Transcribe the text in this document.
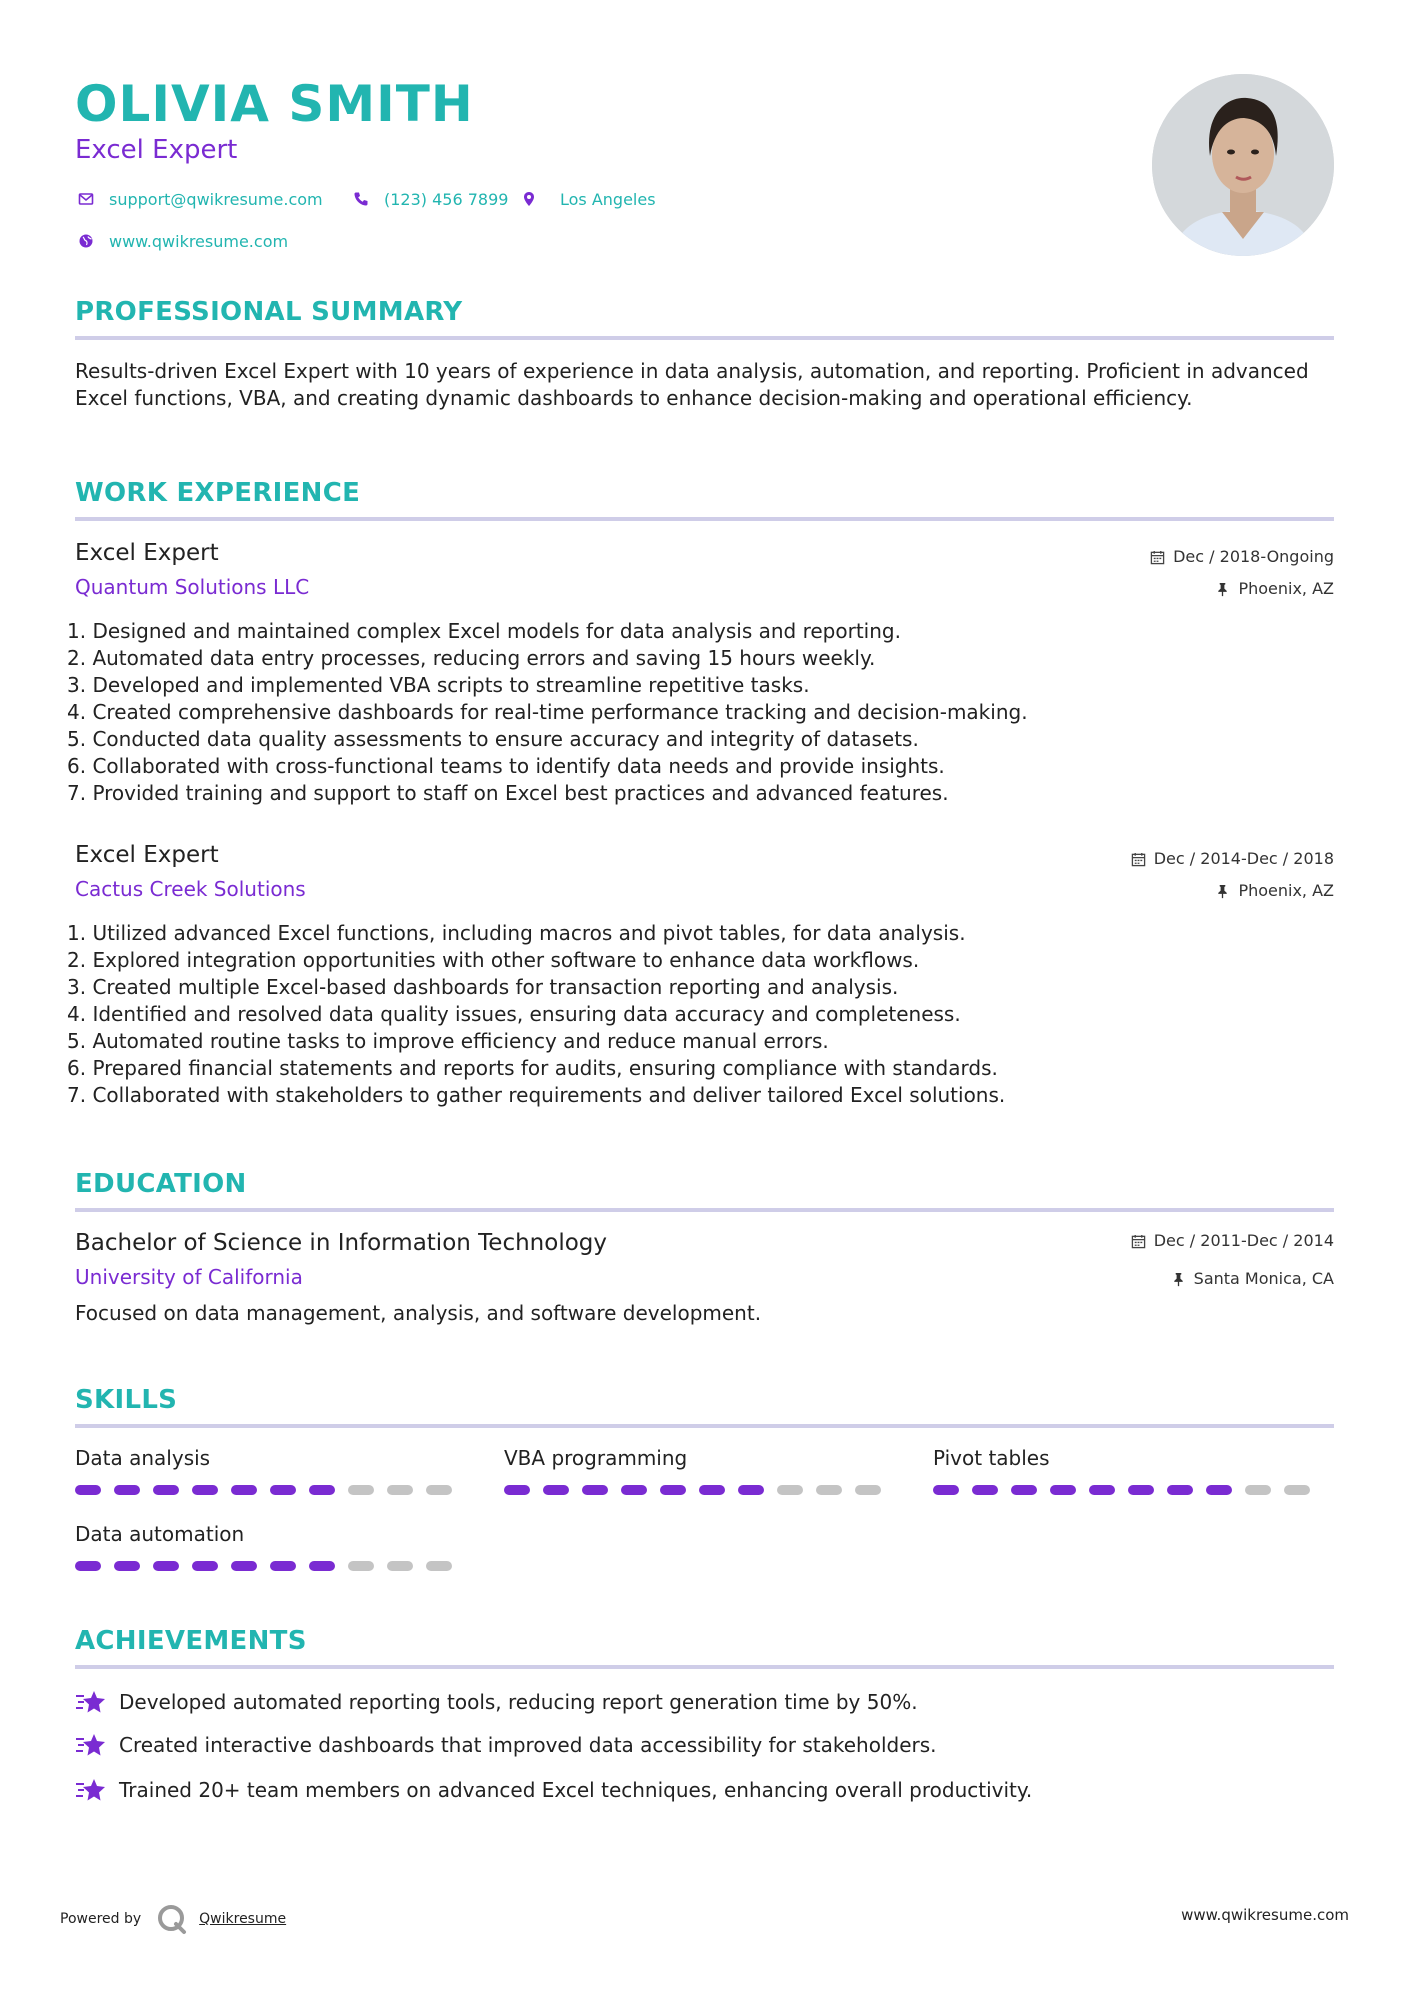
OLIVIA SMITH
Excel Expert
support@qwikresume.com	(123) 456 7899	Los Angeles
www.qwikresume.com
PROFESSIONAL SUMMARY
Results-driven Excel Expert with 10 years of experience in data analysis, automation, and reporting. Proficient in advanced Excel functions, VBA, and creating dynamic dashboards to enhance decision-making and operational efficiency.
WORK EXPERIENCE
Excel Expert
Quantum Solutions LLC
Dec / 2018-Ongoing
Phoenix, AZ
1. Designed and maintained complex Excel models for data analysis and reporting.
2. Automated data entry processes, reducing errors and saving 15 hours weekly.
3. Developed and implemented VBA scripts to streamline repetitive tasks.
4. Created comprehensive dashboards for real-time performance tracking and decision-making.
5. Conducted data quality assessments to ensure accuracy and integrity of datasets.
6. Collaborated with cross-functional teams to identify data needs and provide insights.
7. Provided training and support to staff on Excel best practices and advanced features.
Excel Expert
Cactus Creek Solutions
Dec / 2014-Dec / 2018
Phoenix, AZ
1. Utilized advanced Excel functions, including macros and pivot tables, for data analysis.
2. Explored integration opportunities with other software to enhance data workflows.
3. Created multiple Excel-based dashboards for transaction reporting and analysis.
4. Identified and resolved data quality issues, ensuring data accuracy and completeness.
5. Automated routine tasks to improve efficiency and reduce manual errors.
6. Prepared financial statements and reports for audits, ensuring compliance with standards.
7. Collaborated with stakeholders to gather requirements and deliver tailored Excel solutions.
EDUCATION
Bachelor of Science in Information Technology
University of California
Dec / 2011-Dec / 2014
Santa Monica, CA
Focused on data management, analysis, and software development.
SKILLS
Data analysis	VBA programming	Pivot tables
Data automation
ACHIEVEMENTS
Developed automated reporting tools, reducing report generation time by 50%.
Created interactive dashboards that improved data accessibility for stakeholders.
Trained 20+ team members on advanced Excel techniques, enhancing overall productivity.
Powered by	Qwikresume	www.qwikresume.com
